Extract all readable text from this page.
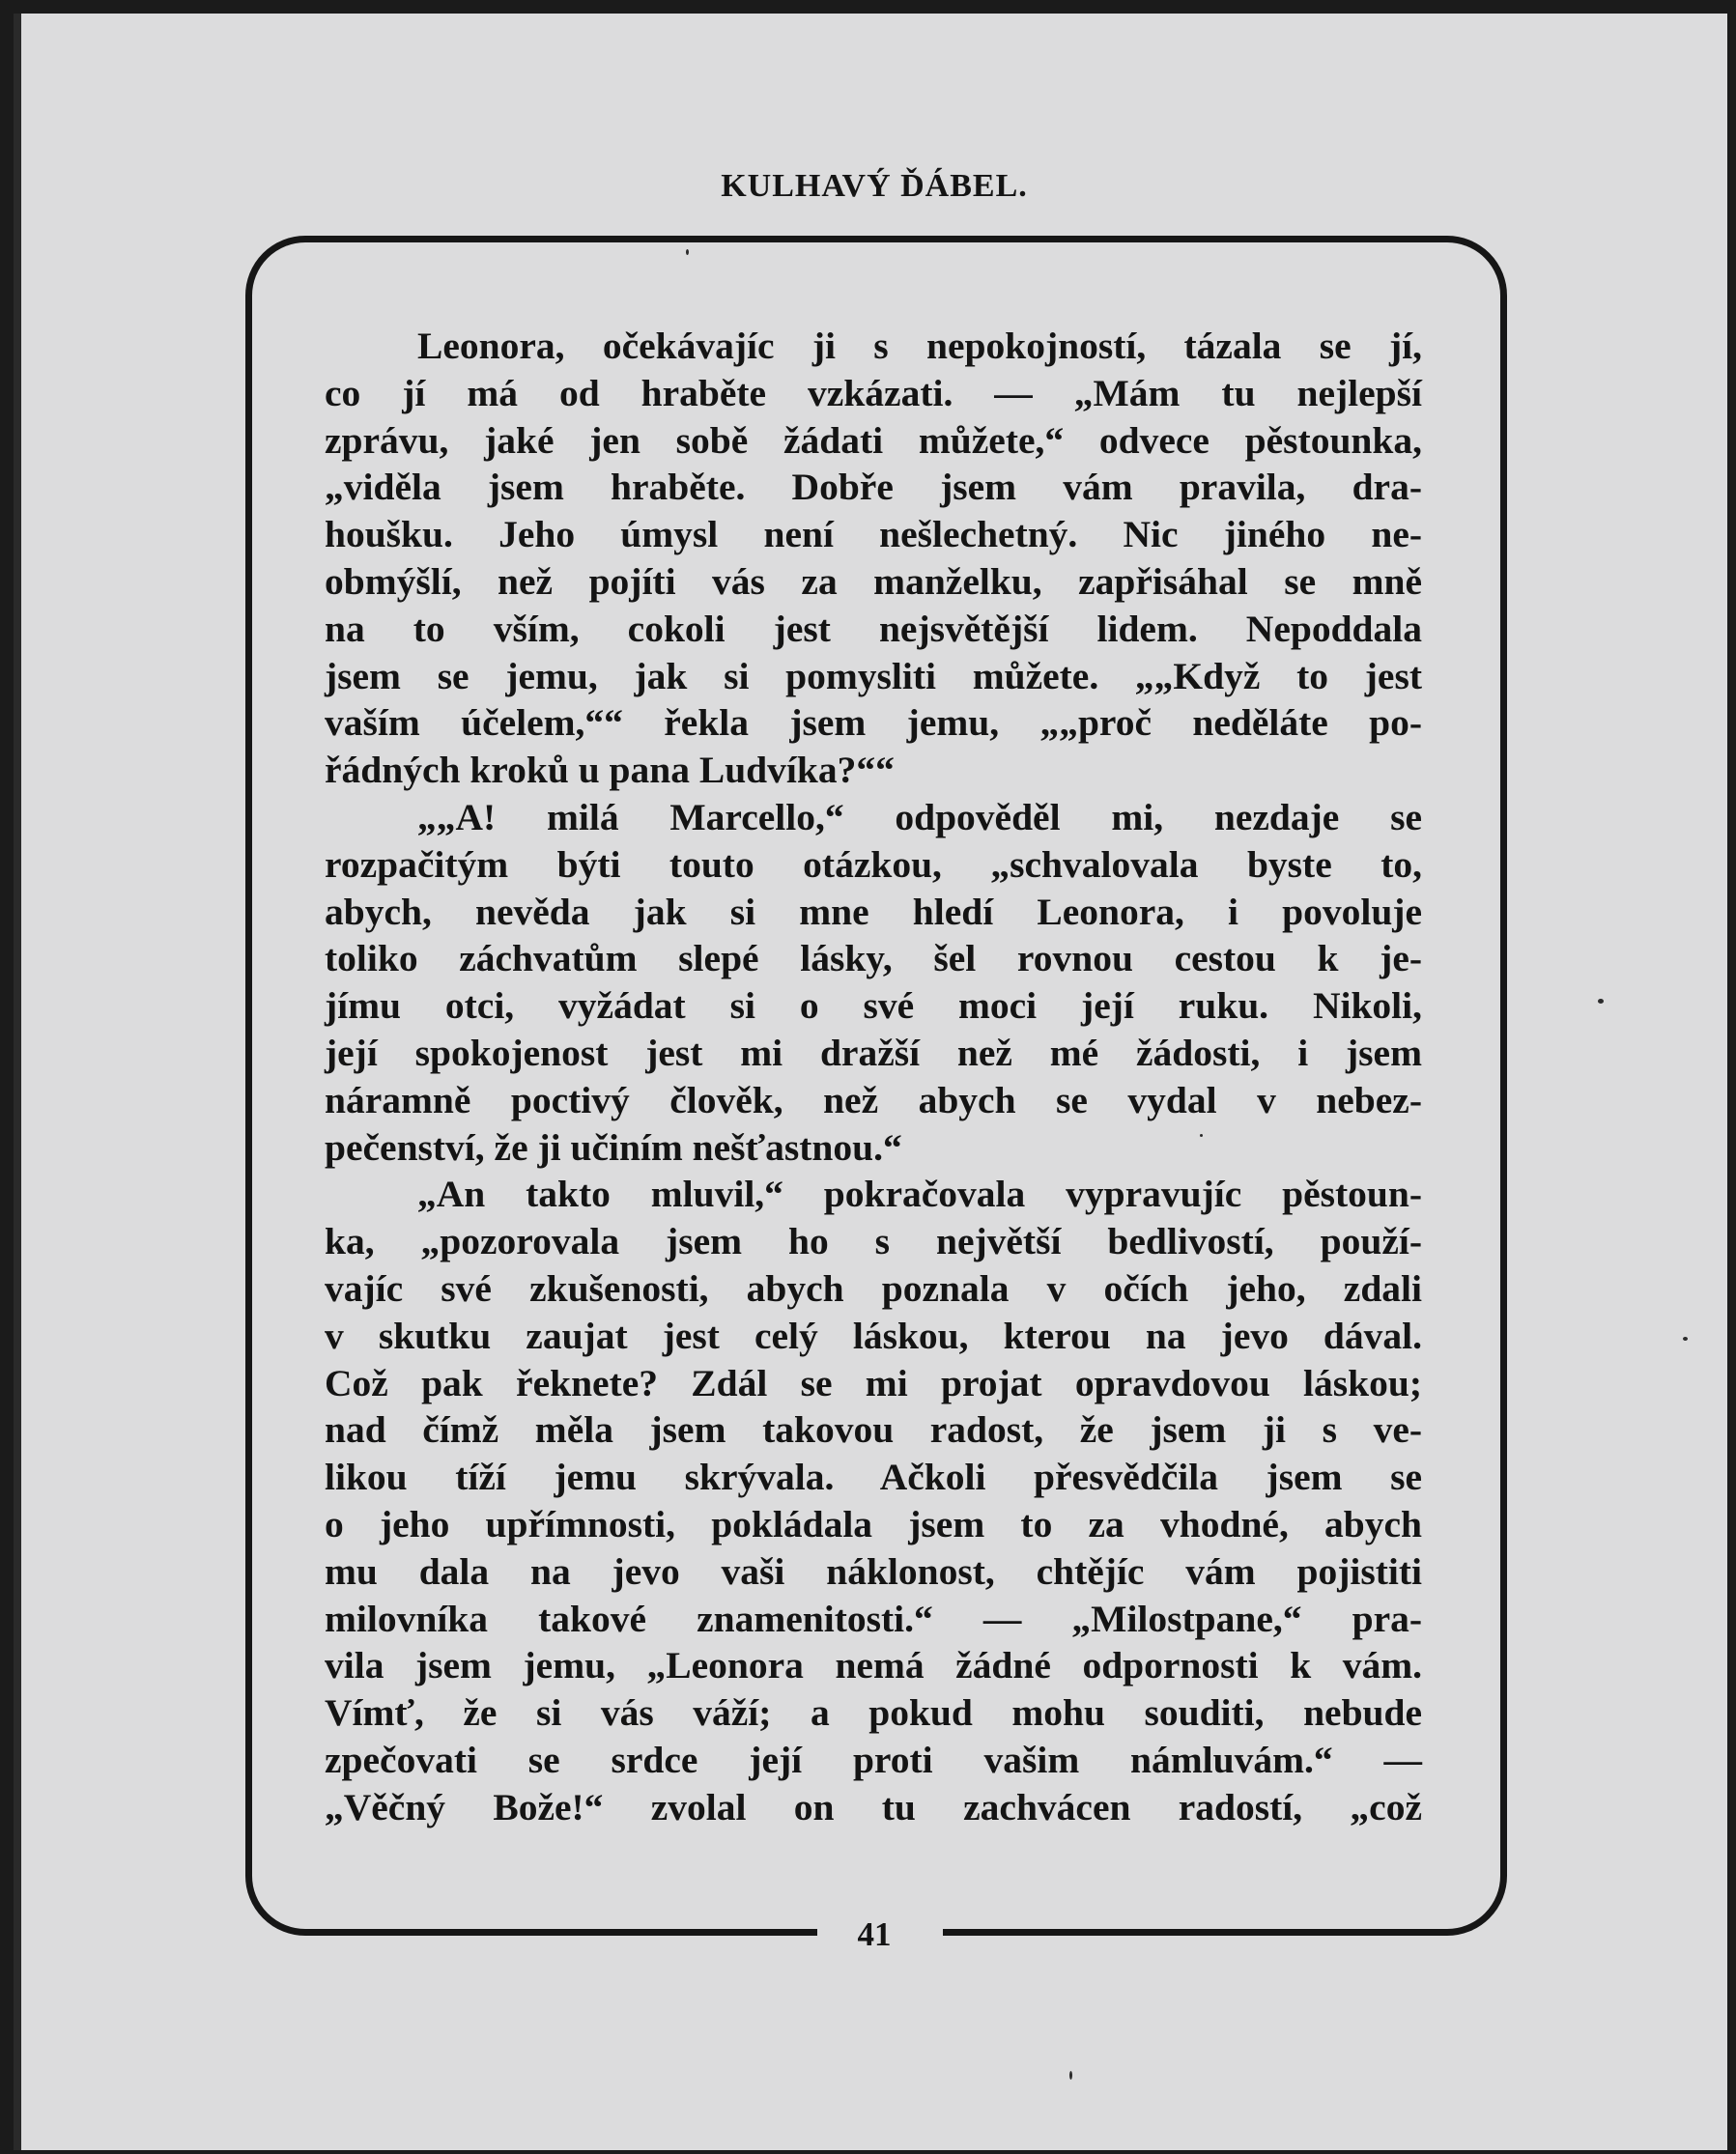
KULHAVÝ ĎÁBEL.
Leonora, očekávajíc ji s nepokojností, tázala se jí,
co jí má od hraběte vzkázati. — „Mám tu nejlepší
zprávu, jaké jen sobě žádati můžete,“ odvece pěstounka,
„viděla jsem hraběte. Dobře jsem vám pravila, dra-
houšku. Jeho úmysl není nešlechetný. Nic jiného ne-
obmýšlí, než pojíti vás za manželku, zapřisáhal se mně
na to vším, cokoli jest nejsvětější lidem. Nepoddala
jsem se jemu, jak si pomysliti můžete. „„Když to jest
vaším účelem,““ řekla jsem jemu, „„proč neděláte po-
řádných kroků u pana Ludvíka?““
„„A! milá Marcello,“ odpověděl mi, nezdaje se
rozpačitým býti touto otázkou, „schvalovala byste to,
abych, nevěda jak si mne hledí Leonora, i povoluje
toliko záchvatům slepé lásky, šel rovnou cestou k je-
jímu otci, vyžádat si o své moci její ruku. Nikoli,
její spokojenost jest mi dražší než mé žádosti, i jsem
náramně poctivý člověk, než abych se vydal v nebez-
pečenství, že ji učiním nešťastnou.“
„An takto mluvil,“ pokračovala vypravujíc pěstoun-
ka, „pozorovala jsem ho s největší bedlivostí, použí-
vajíc své zkušenosti, abych poznala v očích jeho, zdali
v skutku zaujat jest celý láskou, kterou na jevo dával.
Což pak řeknete? Zdál se mi projat opravdovou láskou;
nad čímž měla jsem takovou radost, že jsem ji s ve-
likou tíží jemu skrývala. Ačkoli přesvědčila jsem se
o jeho upřímnosti, pokládala jsem to za vhodné, abych
mu dala na jevo vaši náklonost, chtějíc vám pojistiti
milovníka takové znamenitosti.“ — „Milostpane,“ pra-
vila jsem jemu, „Leonora nemá žádné odpornosti k vám.
Vímť, že si vás váží; a pokud mohu souditi, nebude
zpečovati se srdce její proti vašim námluvám.“ —
„Věčný Bože!“ zvolal on tu zachvácen radostí, „což
41
